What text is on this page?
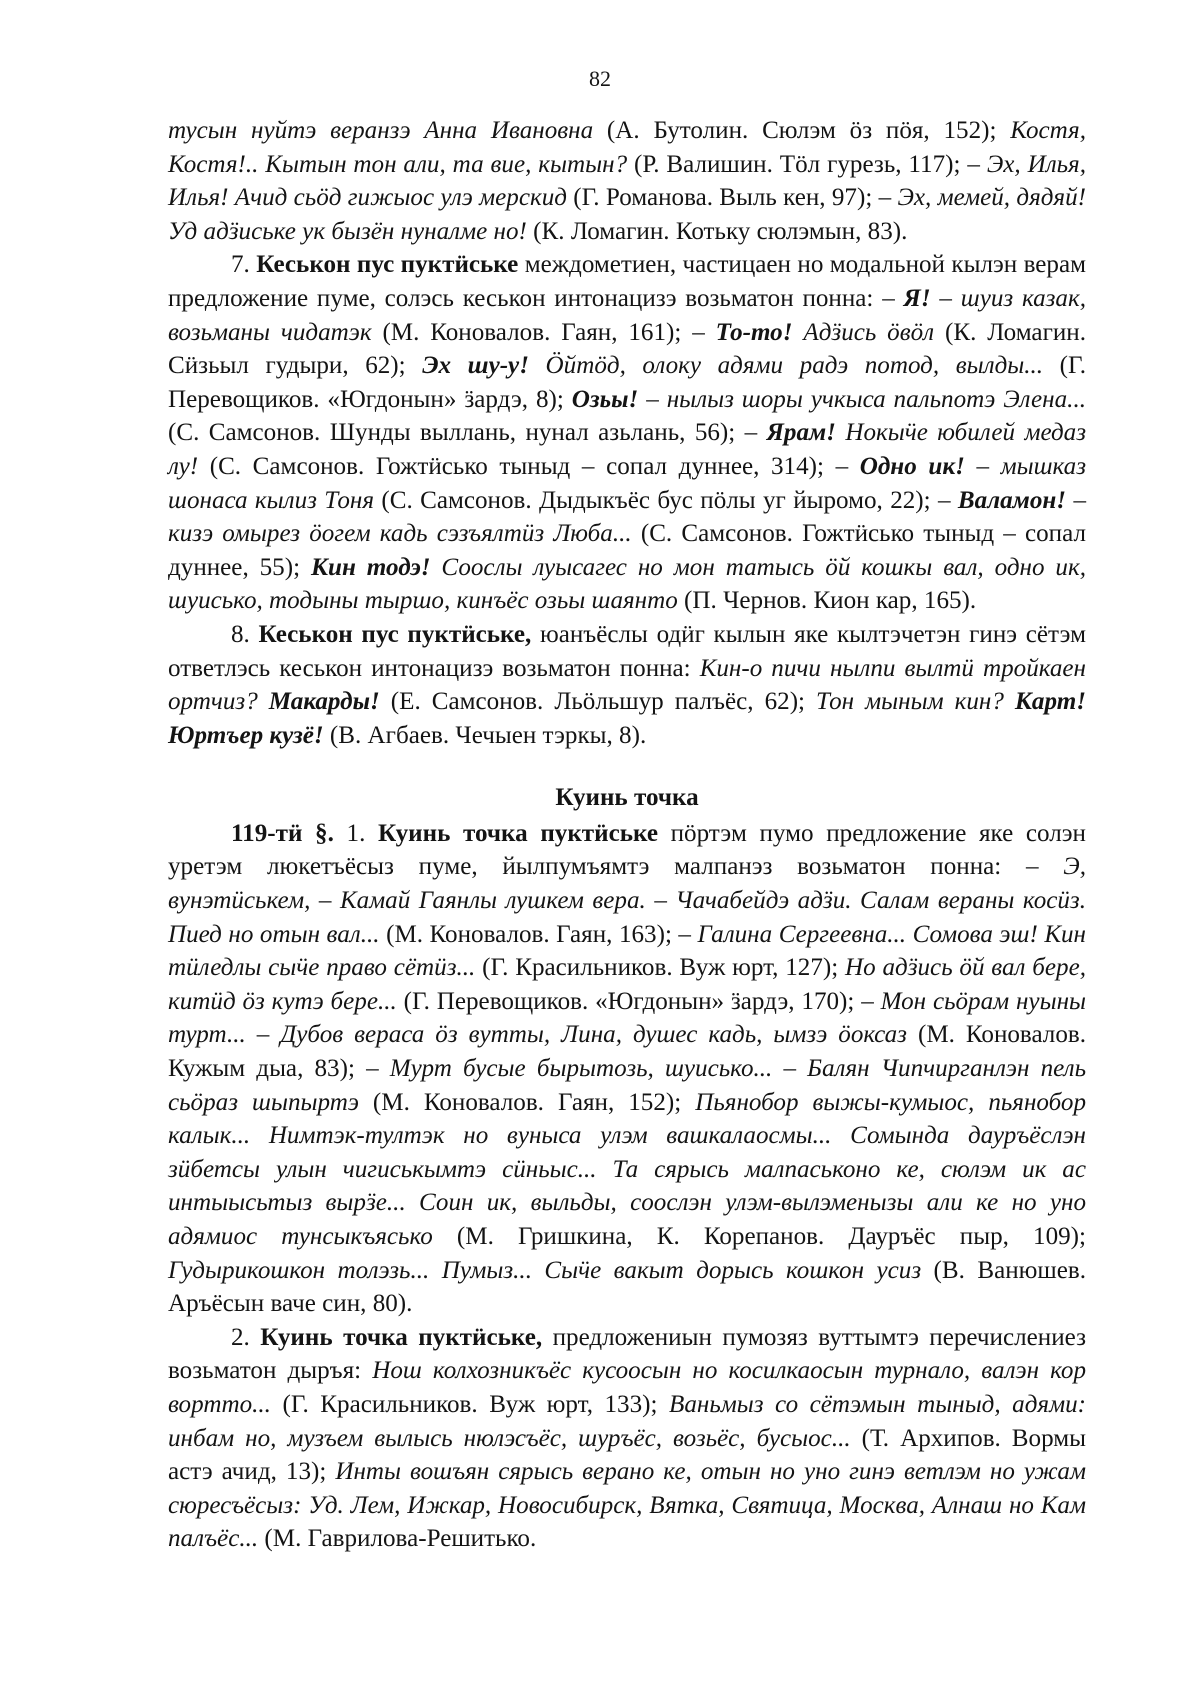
82

тусын нуйтэ веранзэ Анна Ивановна (А. Бутолин. Сюлэм öз пöя, 152); Костя, Костя!.. Кытын тон али, та вие, кытын? (Р. Валишин. Тöл гурезь, 117); – Эх, Илья, Илья! Ачид сьöд гижыос улэ мерскид (Г. Романова. Выль кен, 97); – Эх, мемей, дядяй! Уд адӟиське ук бызëн нуналме но! (К. Ломагин. Котьку сюлэмын, 83).

7. Кеськон пус пуктӥське междометиен, частицаен но модальной кылэн верам предложение пуме, солэсь кеськон интонацизэ возьматон понна: – Я! – шуиз казак, возьманы чидатэк (М. Коновалов. Гаян, 161); – То-то! Адӟись öвöл (К. Ломагин. Сӥзьыл гудыри, 62); Эх шу-у! Öйтöд, олоку адями радэ потод, вылды... (Г. Перевощиков. «Югдонын» ӟардэ, 8); Озьы! – нылыз шоры учкыса пальпотэ Элена... (С. Самсонов. Шунды выллань, нунал азьлань, 56); – Ярам! Нокыӵе юбилей медаз лу! (С. Самсонов. Гожтӥсько тыныд – сопал дуннее, 314); – Одно ик! – мышказ шонаса кылиз Тоня (С. Самсонов. Дыдыкъёс бус пöлы уг йыромо, 22); – Валамон! – кизэ омырез ӧогем кадь сэзъялтӥз Люба... (С. Самсонов. Гожтӥсько тыныд – сопал дуннее, 55); Кин тодэ! Сооcлы луысагес но мон татысь öй кошкы вал, одно ик, шуисько, тодыны тыршо, кинъёс озьы шаянто (П. Чернов. Кион кар, 165).

8. Кеськон пус пуктӥське, юанъёслы одӥг кылын яке кылтэчетэн гинэ сётэм ответлэсь кеськон интонацизэ возьматон понна: Кин-о пичи нылпи вылтӥ тройкаен ортчиз? Макарды! (Е. Самсонов. Льöльшур палъёс, 62); Тон мыным кин? Карт! Юртъер кузё! (В. Агбаев. Чечыен тэркы, 8).

Куинь точка

119-тӥ §. 1. Куинь точка пуктӥське пöртэм пумо предложение яке солэн уретэм люкетъёсыз пуме, йылпумъямтэ малпанэз возьматон понна: – Э, вунэтӥськем, – Камай Гаянлы лушкем вера. – Чачабейдэ адӟи. Салам вераны косӥз. Пиед но отын вал... (М. Коновалов. Гаян, 163); – Галина Сергеевна... Сомова эш! Кин тӥледлы сыӵе право сётӥз... (Г. Красильников. Вуж юрт, 127); Но адӟись öй вал бере, китӥд öз кутэ бере... (Г. Перевощиков. «Югдонын» ӟардэ, 170); – Мон сьöрам нуыны турт... – Дубов вераса öз вутты, Лина, душес кадь, ымзэ ӧоксаз (М. Коновалов. Кужым дыа, 83); – Мурт бусые бырытозь, шуисько... – Балян Чипчирганлэн пель сьöраз шыпыртэ (М. Коновалов. Гаян, 152); Пьянобор выжы-кумыос, пьянобор калык... Нимтэк-тултэк но вуныса улэм вашкалаосмы... Сомында дауръёслэн зӥбетсы улын чигиськымтэ сӥньыс... Та сярысь малпаськоно ке, сюлэм ик ас интыысьтыз вырӟе... Соин ик, выльды, cооcлэн улэм-вылэменызы али ке но уно адямиос тунсыкъясько (М. Гришкина, К. Корепанов. Дауръёс пыр, 109); Гудырикошкон толэзь... Пумыз... Сыӵе вакыт дорысь кошкон усиз (В. Ванюшев. Аръёсын ваче син, 80).

2. Куинь точка пуктӥське, предложениын пумозяз вуттымтэ перечислениез возьматон дыръя: Нош колхозникъёс кусоосын но косилкаосын турнало, валэн кор вортто... (Г. Красильников. Вуж юрт, 133); Ваньмыз со сётэмын тыныд, адями: инбам но, музъем вылысь нюлэсъёс, шуръёс, возьёс, бусыос... (Т. Архипов. Вормы астэ ачид, 13); Инты вошъян сярысь верано ке, отын но уно гинэ ветлэм но ужам сюресъёсыз: Уд. Лем, Ижкар, Новосибирск, Вятка, Святица, Москва, Алнаш но Кам палъёс... (М. Гаврилова-Решитько.
